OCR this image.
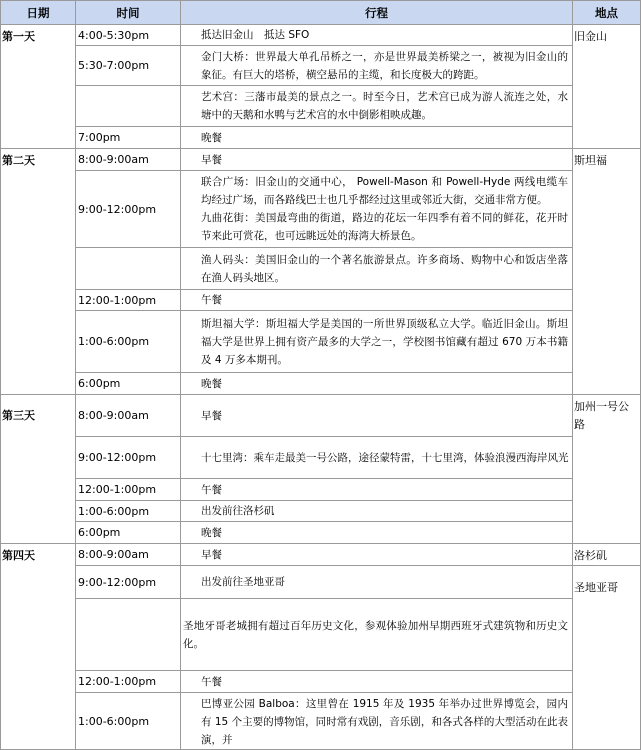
日期	时间	行程	地点
第一天	4:00-5:30pm	抵达旧金山　抵达 SFO	旧金山
	5:30-7:00pm	金门大桥：世界最大单孔吊桥之一，亦是世界最美桥梁之一，被视为旧金山的象征。有巨大的塔桥，横空悬吊的主缆，和长度极大的跨距。	

		艺术宫：三藩市最美的景点之一。时至今日，艺术宫已成为游人流连之处，水塘中的天鹅和水鸭与艺术宫的水中倒影相映成趣。	

	7:00pm	晚餐	

第二天	8:00-9:00am	早餐	斯坦福
	9:00-12:00pm	联合广场：旧金山的交通中心， Powell-Mason 和 Powell-Hyde 两线电缆车均经过广场，而各路线巴士也几乎都经过这里或邻近大街，交通非常方便。

九曲花街：美国最弯曲的街道，路边的花坛一年四季有着不同的鲜花，花开时节来此可赏花，也可远眺远处的海湾大桥景色。	

		渔人码头：美国旧金山的一个著名旅游景点。许多商场、购物中心和饭店坐落在渔人码头地区。	

	12:00-1:00pm	午餐	

	1:00-6:00pm	斯坦福大学：斯坦福大学是美国的一所世界顶级私立大学。临近旧金山。斯坦福大学是世界上拥有资产最多的大学之一，学校图书馆藏有超过 670 万本书籍及 4 万多本期刊。	

	6:00pm	晚餐	

第三天	8:00-9:00am	早餐	加州一号公路
	9:00-12:00pm	十七里湾：乘车走最美一号公路，途径蒙特雷，十七里湾，体验浪漫西海岸风光	

	12:00-1:00pm	午餐	

	1:00-6:00pm	出发前往洛杉矶	

	6:00pm	晚餐	

第四天	8:00-9:00am	早餐	洛杉矶
	9:00-12:00pm	出发前往圣地亚哥	圣地亚哥

		圣地牙哥老城拥有超过百年历史文化，参观体验加州早期西班牙式建筑物和历史文化。	

	12:00-1:00pm	午餐	

	1:00-6:00pm	巴博亚公园 Balboa：这里曾在 1915 年及 1935 年举办过世界博览会，园内有 15 个主要的博物馆，同时常有戏剧，音乐剧，和各式各样的大型活动在此表演，并	
